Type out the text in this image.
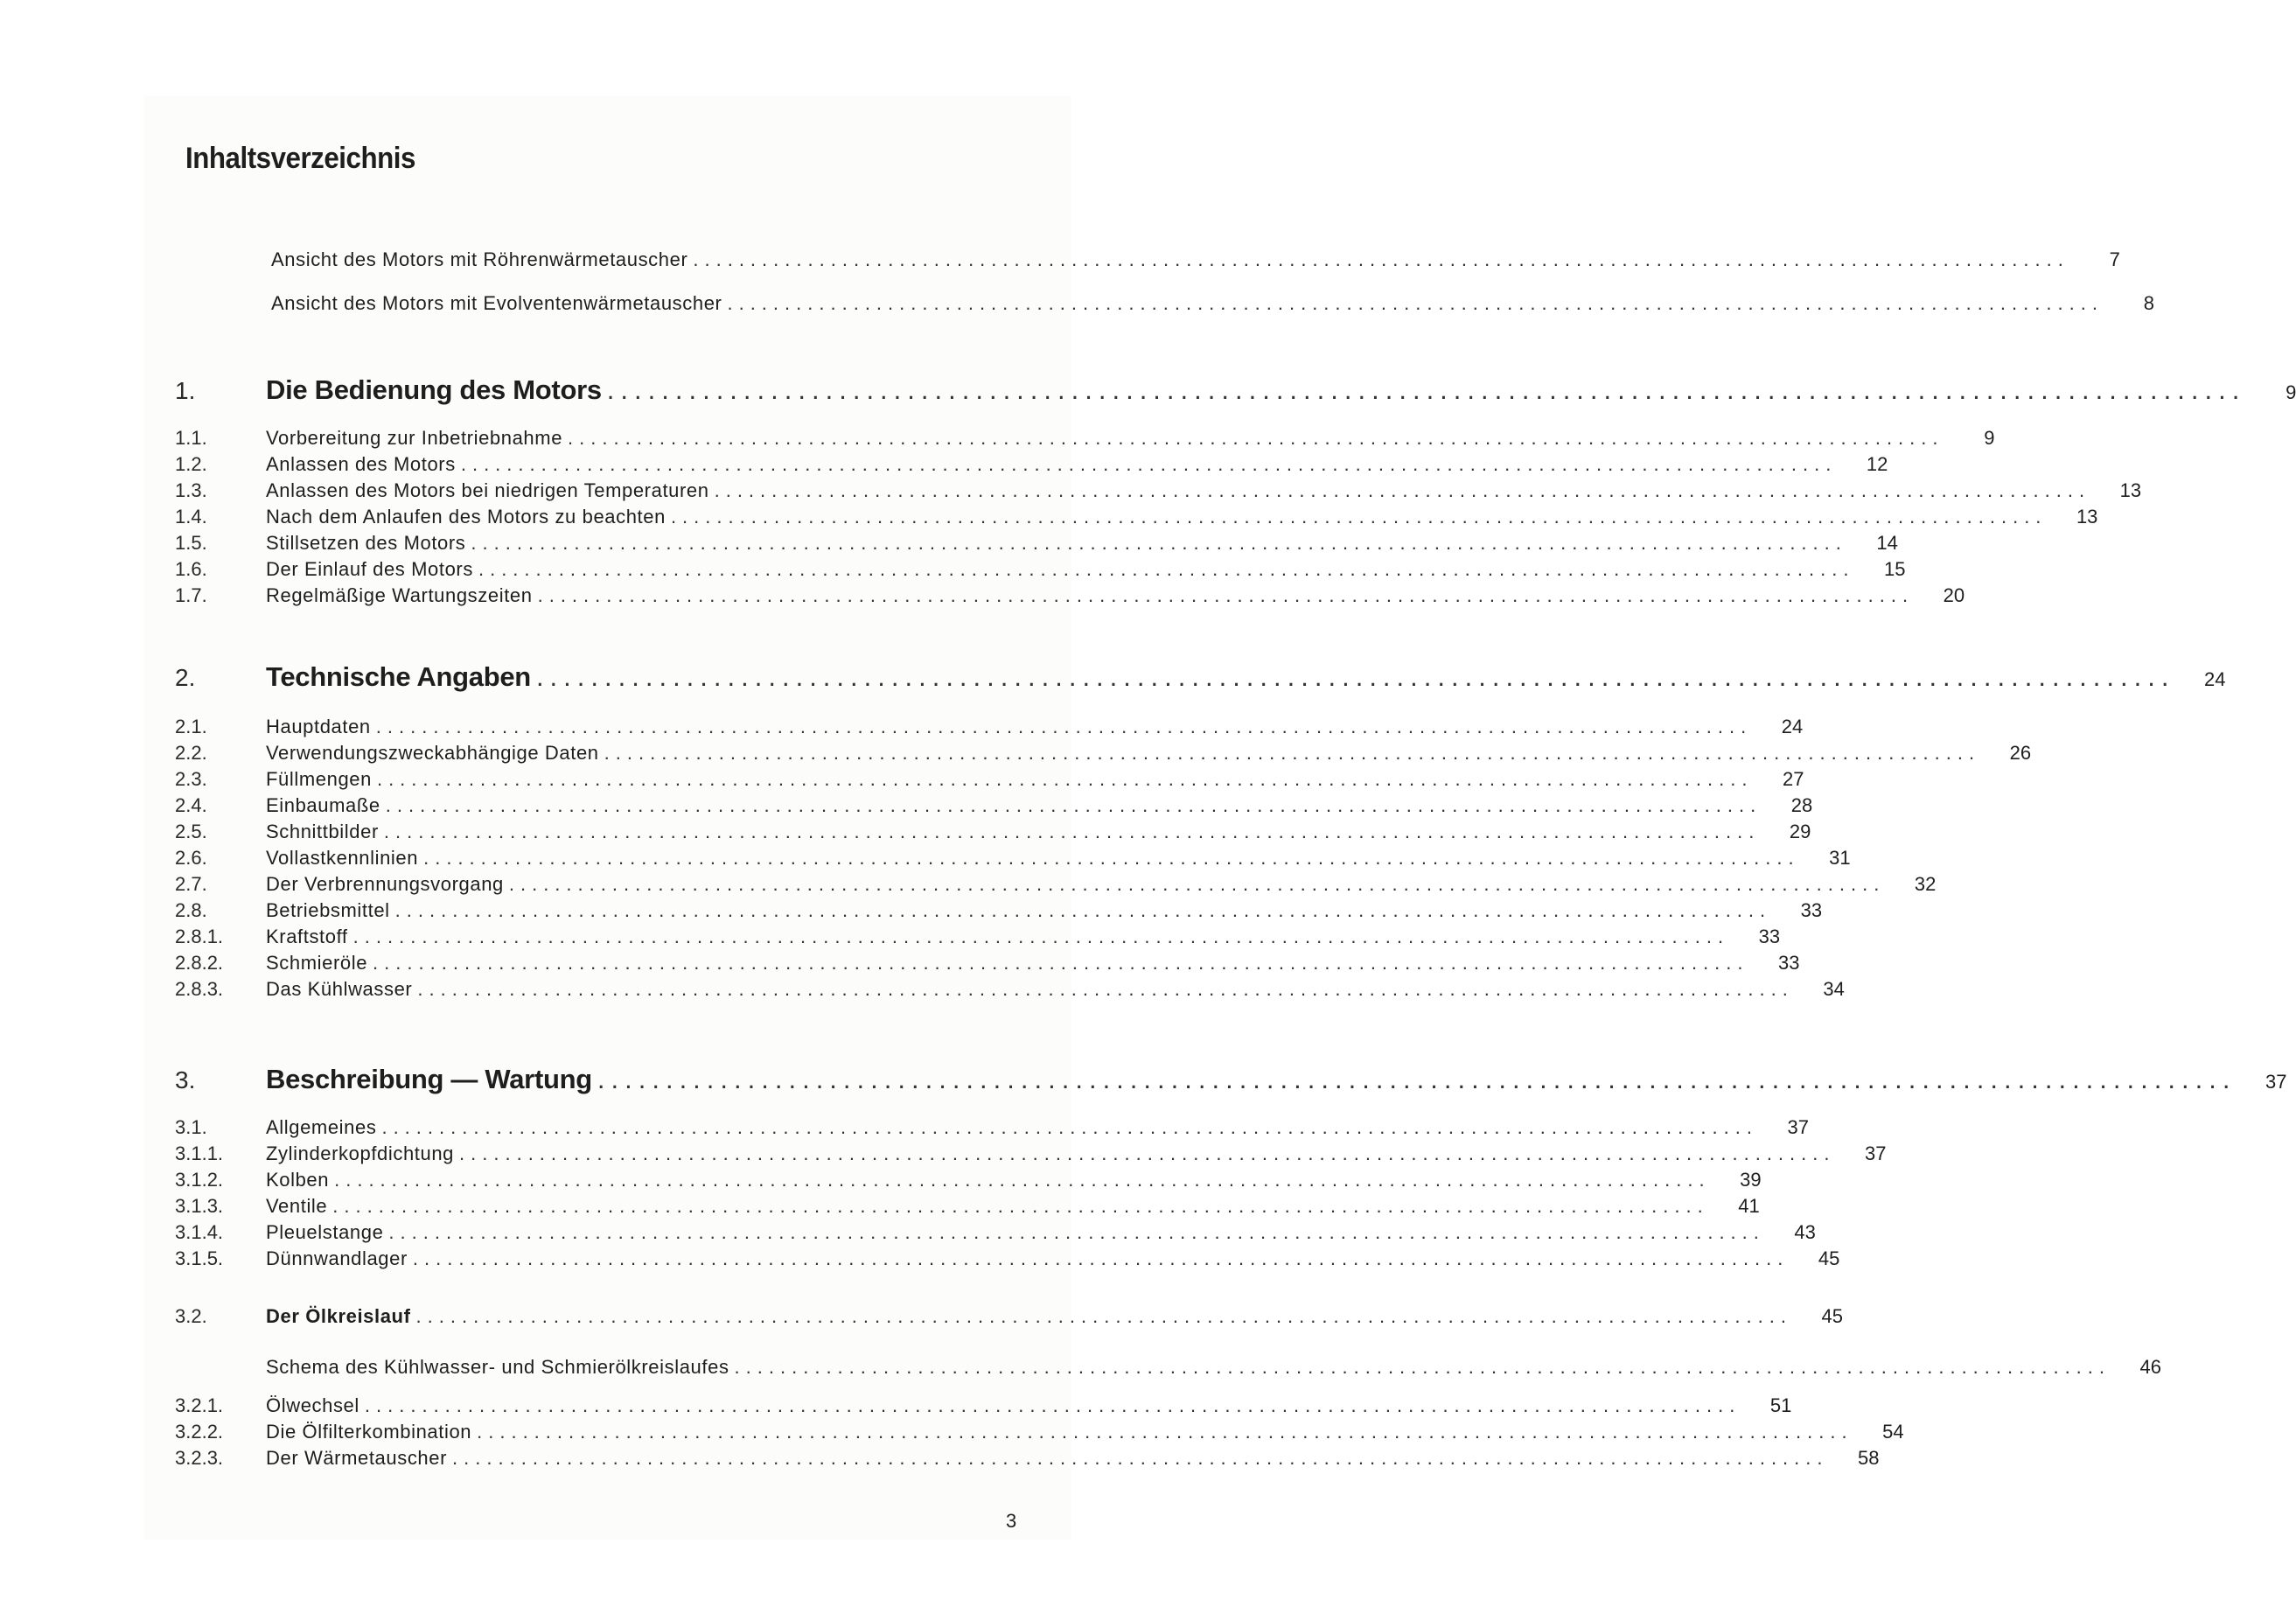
Inhaltsverzeichnis
Ansicht des Motors mit Röhrenwärmetauscher ........................................................................................................................	7
Ansicht des Motors mit Evolventenwärmetauscher ........................................................................................................................	8
1.	Die Bedienung des Motors ........................................................................................................................	9
1.1.	Vorbereitung zur Inbetriebnahme ........................................................................................................................	9
1.2.	Anlassen des Motors ........................................................................................................................	12
1.3.	Anlassen des Motors bei niedrigen Temperaturen ........................................................................................................................	13
1.4.	Nach dem Anlaufen des Motors zu beachten ........................................................................................................................	13
1.5.	Stillsetzen des Motors ........................................................................................................................	14
1.6.	Der Einlauf des Motors ........................................................................................................................	15
1.7.	Regelmäßige Wartungszeiten ........................................................................................................................	20
2.	Technische Angaben ........................................................................................................................	24
2.1.	Hauptdaten ........................................................................................................................	24
2.2.	Verwendungszweckabhängige Daten ........................................................................................................................	26
2.3.	Füllmengen ........................................................................................................................	27
2.4.	Einbaumaße ........................................................................................................................	28
2.5.	Schnittbilder ........................................................................................................................	29
2.6.	Vollastkennlinien ........................................................................................................................	31
2.7.	Der Verbrennungsvorgang ........................................................................................................................	32
2.8.	Betriebsmittel ........................................................................................................................	33
2.8.1.	Kraftstoff ........................................................................................................................	33
2.8.2.	Schmieröle ........................................................................................................................	33
2.8.3.	Das Kühlwasser ........................................................................................................................	34
3.	Beschreibung — Wartung ........................................................................................................................	37
3.1.	Allgemeines ........................................................................................................................	37
3.1.1.	Zylinderkopfdichtung ........................................................................................................................	37
3.1.2.	Kolben ........................................................................................................................	39
3.1.3.	Ventile ........................................................................................................................	41
3.1.4.	Pleuelstange ........................................................................................................................	43
3.1.5.	Dünnwandlager ........................................................................................................................	45
3.2.	Der Ölkreislauf ........................................................................................................................	45
Schema des Kühlwasser- und Schmierölkreislaufes ........................................................................................................................	46
3.2.1.	Ölwechsel ........................................................................................................................	51
3.2.2.	Die Ölfilterkombination ........................................................................................................................	54
3.2.3.	Der Wärmetauscher ........................................................................................................................	58
3
